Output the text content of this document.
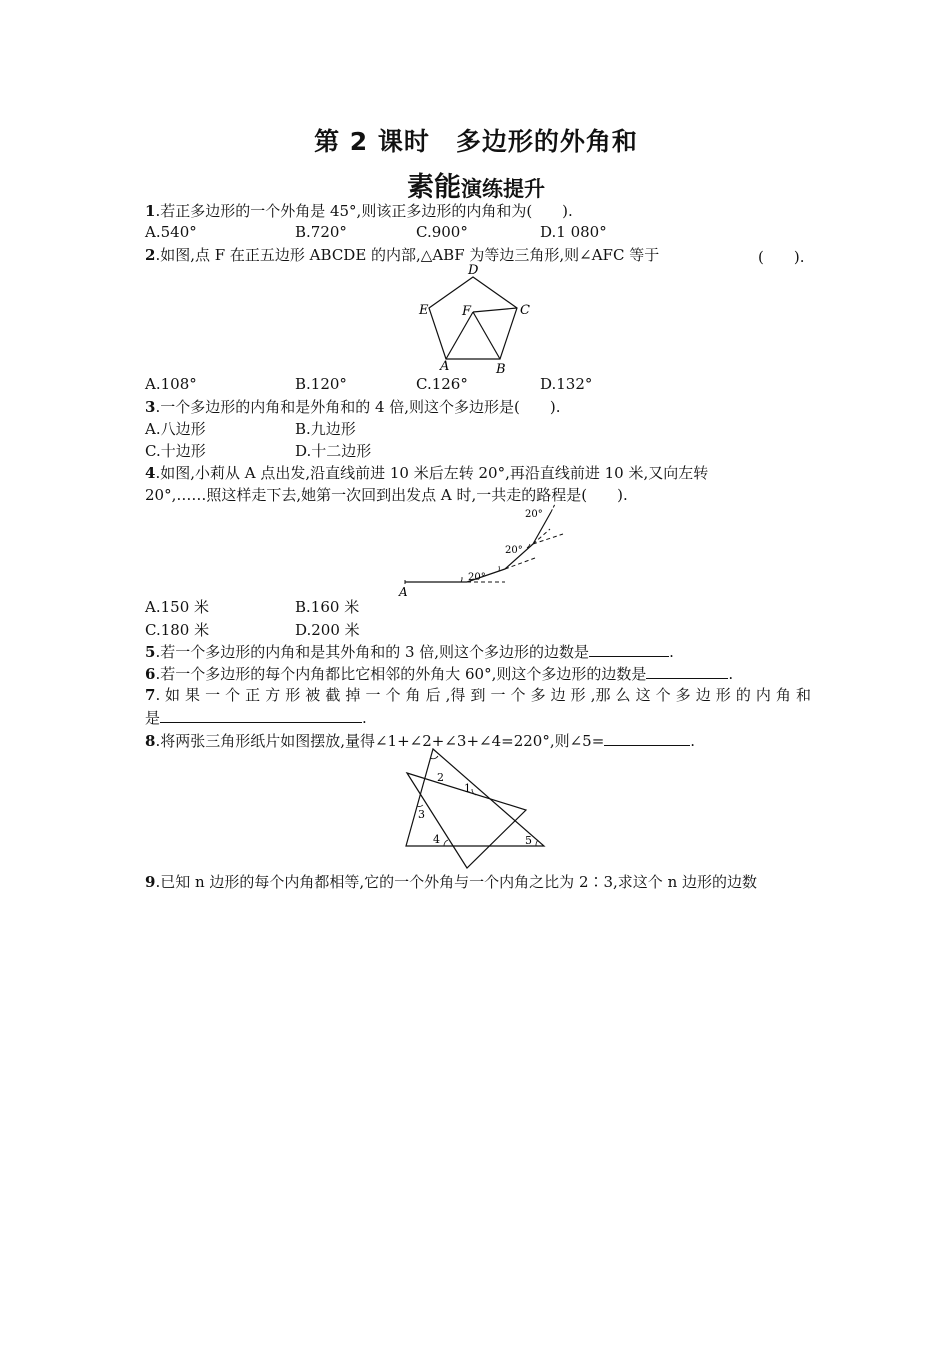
第 2 课时　多边形的外角和
素能演练提升
1.若正多边形的一个外角是 45°,则该正多边形的内角和为(　　).
A.540°	B.720°	C.900°	D.1 080°
2.如图,点 F 在正五边形 ABCDE 的内部,△ABF 为等边三角形,则∠AFC 等于	(　　).
D
C
E	F
A	B
A.108°	B.120°	C.126°	D.132°
3.一个多边形的内角和是外角和的 4 倍,则这个多边形是(　　).
A.八边形	B.九边形
C.十边形	D.十二边形
4.如图,小莉从 A 点出发,沿直线前进 10 米后左转 20°,再沿直线前进 10 米,又向左转
20°,……照这样走下去,她第一次回到出发点 A 时,一共走的路程是(　　).
20°
20°
20°
A
A.150 米	B.160 米
C.180 米	D.200 米
5.若一个多边形的内角和是其外角和的 3 倍,则这个多边形的边数是	.
6.若一个多边形的每个内角都比它相邻的外角大 60°,则这个多边形的边数是	.
7. 如 果 一 个 正 方 形 被 截 掉 一 个 角 后 ,得 到 一 个 多 边 形 ,那 么 这 个 多 边 形 的 内 角 和
是	.
8.将两张三角形纸片如图摆放,量得∠1+∠2+∠3+∠4=220°,则∠5=	.
2
1
3
4	5
9.已知 n 边形的每个内角都相等,它的一个外角与一个内角之比为 2∶3,求这个 n 边形的边数
